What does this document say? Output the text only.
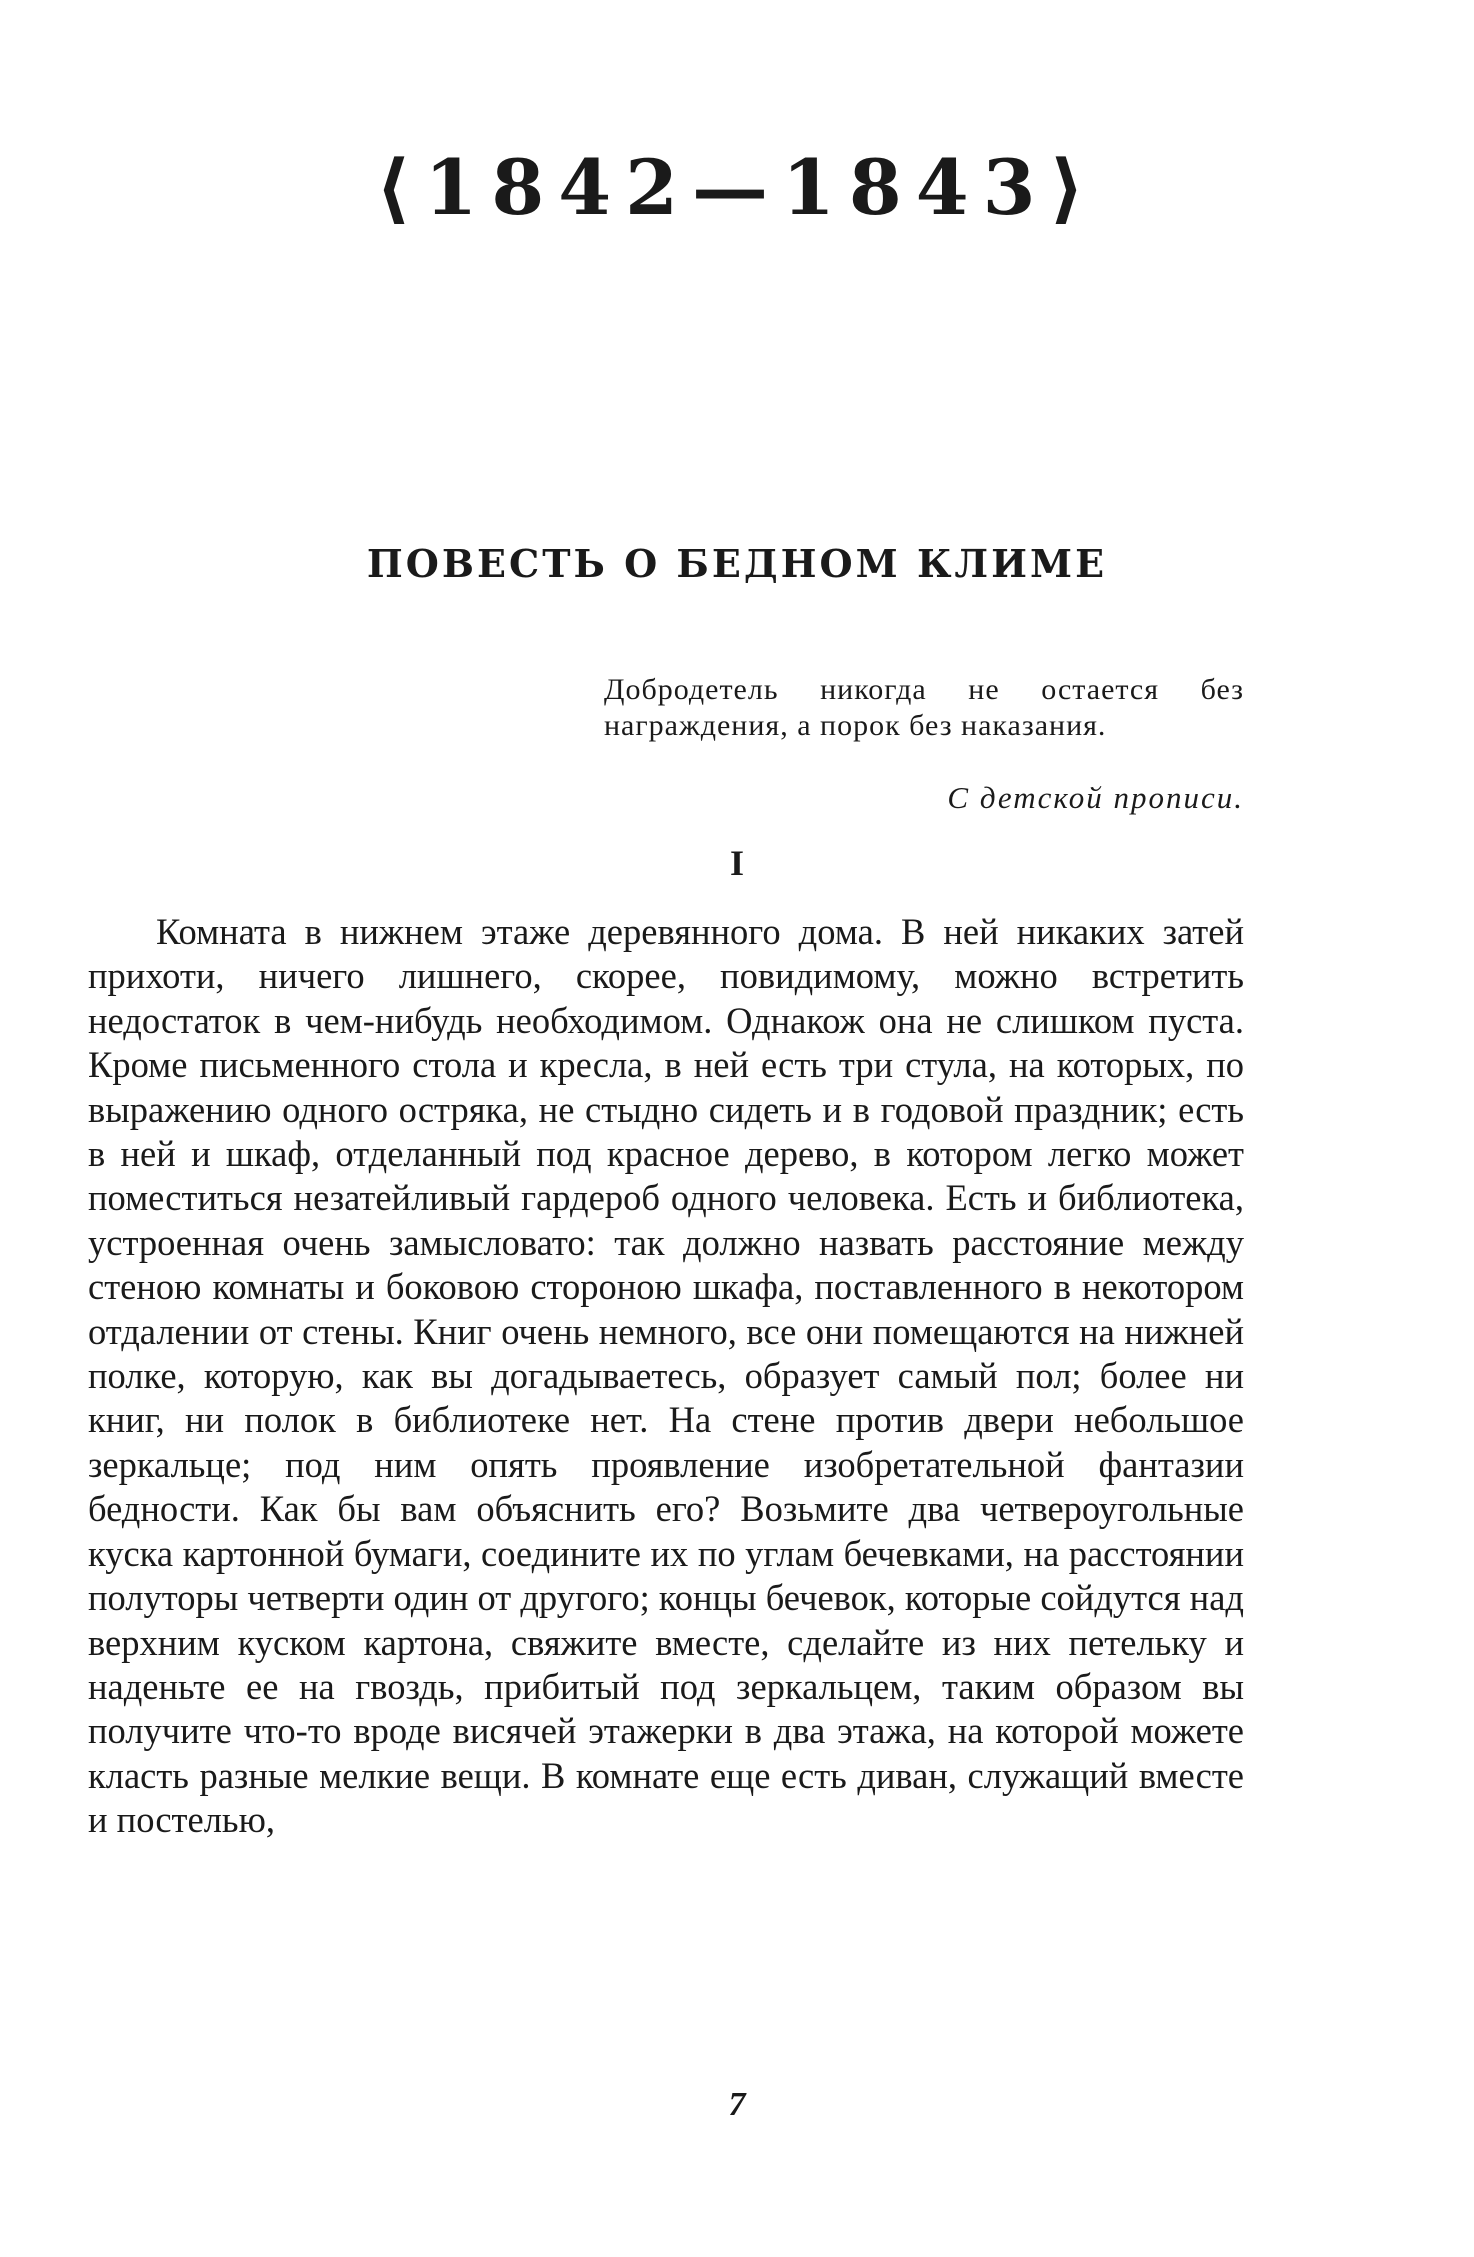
⟨1842—1843⟩
ПОВЕСТЬ О БЕДНОМ КЛИМЕ
Добродетель никогда не остается без награждения, а порок без наказания.
С детской прописи.
I
Комната в нижнем этаже деревянного дома. В ней никаких затей прихоти, ничего лишнего, скорее, повидимому, можно встретить недостаток в чем-нибудь необходимом. Однакож она не слишком пуста. Кроме письменного стола и кресла, в ней есть три стула, на которых, по выражению одного остряка, не стыдно сидеть и в годовой праздник; есть в ней и шкаф, отделанный под красное дерево, в котором легко может поместиться незатейливый гардероб одного человека. Есть и библиотека, устроенная очень замысловато: так должно назвать расстояние между стеною комнаты и боковою стороною шкафа, поставленного в некотором отдалении от стены. Книг очень немного, все они помещаются на нижней полке, которую, как вы догадываетесь, образует самый пол; более ни книг, ни полок в библиотеке нет. На стене против двери небольшое зеркальце; под ним опять проявление изобретательной фантазии бедности. Как бы вам объяснить его? Возьмите два четвероугольные куска картонной бумаги, соедините их по углам бечевками, на расстоянии полуторы четверти один от другого; концы бечевок, которые сойдутся над верхним куском картона, свяжите вместе, сделайте из них петельку и наденьте ее на гвоздь, прибитый под зеркальцем, таким образом вы получите что-то вроде висячей этажерки в два этажа, на которой можете класть разные мелкие вещи. В комнате еще есть диван, служащий вместе и постелью,
7
